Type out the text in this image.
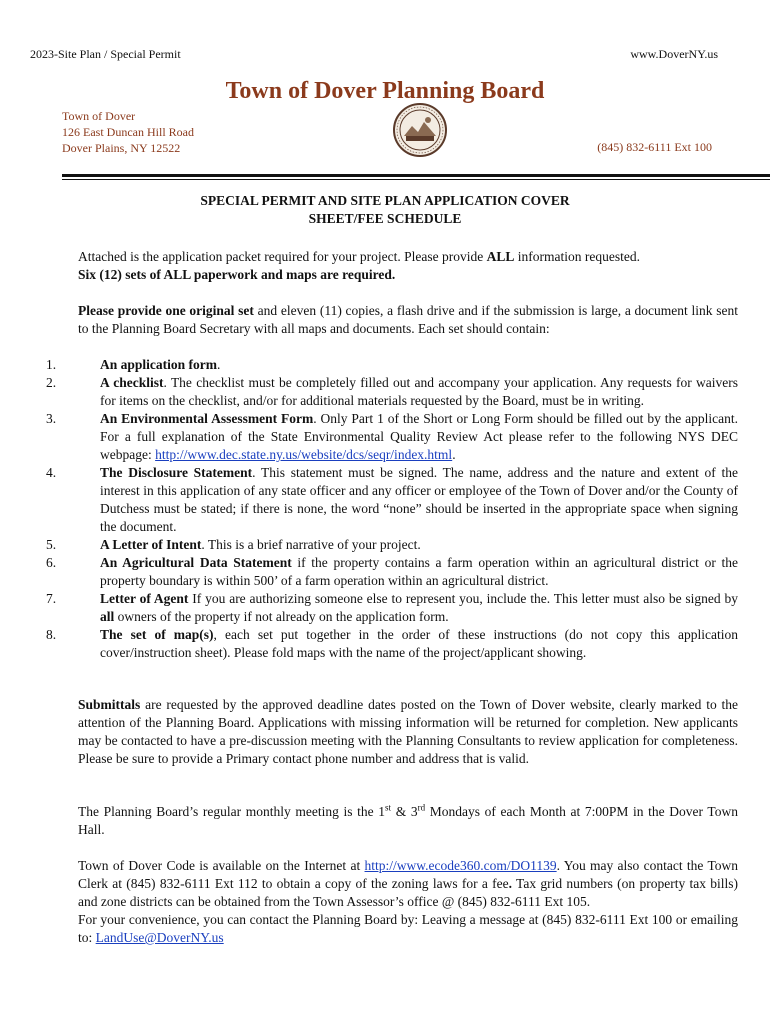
2023-Site Plan / Special Permit	www.DoverNY.us
Town of Dover Planning Board
Town of Dover
126 East Duncan Hill Road
Dover Plains, NY 12522	(845) 832-6111 Ext 100
SPECIAL PERMIT AND SITE PLAN APPLICATION COVER
SHEET/FEE SCHEDULE
Attached is the application packet required for your project. Please provide ALL information requested.
Six (12) sets of ALL paperwork and maps are required.
Please provide one original set and eleven (11) copies, a flash drive and if the submission is large, a document link sent to the Planning Board Secretary with all maps and documents. Each set should contain:
1.	An application form.
2.	A checklist. The checklist must be completely filled out and accompany your application. Any requests for waivers for items on the checklist, and/or for additional materials requested by the Board, must be in writing.
3.	An Environmental Assessment Form. Only Part 1 of the Short or Long Form should be filled out by the applicant. For a full explanation of the State Environmental Quality Review Act please refer to the following NYS DEC webpage: http://www.dec.state.ny.us/website/dcs/seqr/index.html.
4.	The Disclosure Statement. This statement must be signed. The name, address and the nature and extent of the interest in this application of any state officer and any officer or employee of the Town of Dover and/or the County of Dutchess must be stated; if there is none, the word “none” should be inserted in the appropriate space when signing the document.
5.	A Letter of Intent. This is a brief narrative of your project.
6.	An Agricultural Data Statement if the property contains a farm operation within an agricultural district or the property boundary is within 500’ of a farm operation within an agricultural district.
7.	Letter of Agent If you are authorizing someone else to represent you, include the. This letter must also be signed by all owners of the property if not already on the application form.
8.	The set of map(s), each set put together in the order of these instructions (do not copy this application cover/instruction sheet). Please fold maps with the name of the project/applicant showing.
Submittals are requested by the approved deadline dates posted on the Town of Dover website, clearly marked to the attention of the Planning Board. Applications with missing information will be returned for completion. New applicants may be contacted to have a pre-discussion meeting with the Planning Consultants to review application for completeness. Please be sure to provide a Primary contact phone number and address that is valid.
The Planning Board’s regular monthly meeting is the 1st & 3rd Mondays of each Month at 7:00PM in the Dover Town Hall.
Town of Dover Code is available on the Internet at http://www.ecode360.com/DO1139. You may also contact the Town Clerk at (845) 832-6111 Ext 112 to obtain a copy of the zoning laws for a fee. Tax grid numbers (on property tax bills) and zone districts can be obtained from the Town Assessor’s office @ (845) 832-6111 Ext 105.
For your convenience, you can contact the Planning Board by: Leaving a message at (845) 832-6111 Ext 100 or emailing to: LandUse@DoverNY.us
